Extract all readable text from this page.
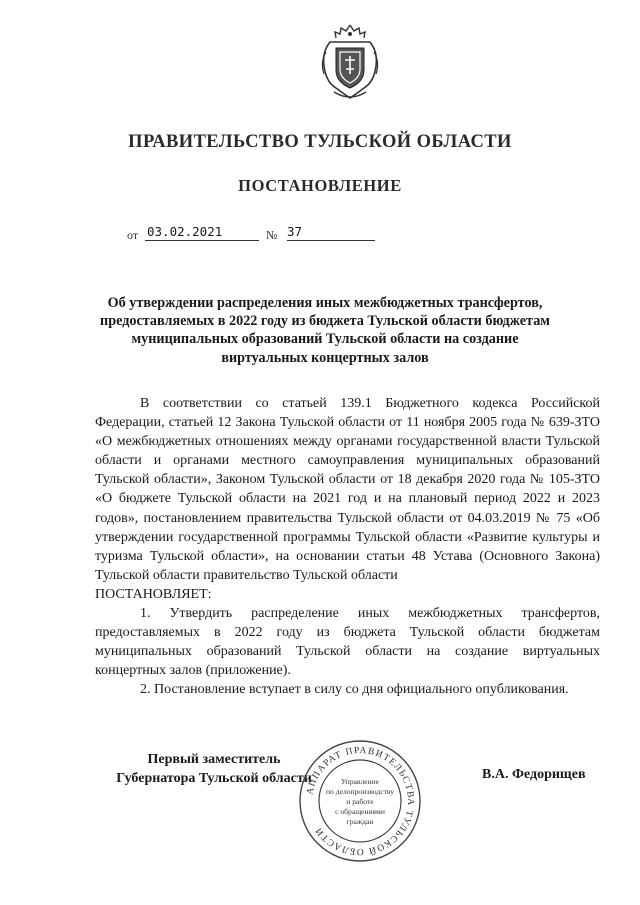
ПРАВИТЕЛЬСТВО ТУЛЬСКОЙ ОБЛАСТИ
ПОСТАНОВЛЕНИЕ
от 03.02.2021	№ 37
Об утверждении распределения иных межбюджетных трансфертов,
предоставляемых в 2022 году из бюджета Тульской области бюджетам
муниципальных образований Тульской области на создание
виртуальных концертных залов

В соответствии со статьей 139.1 Бюджетного кодекса Российской Федерации, статьей 12 Закона Тульской области от 11 ноября 2005 года № 639-ЗТО «О межбюджетных отношениях между органами государственной власти Тульской области и органами местного самоуправления муниципальных образований Тульской области», Законом Тульской области от 18 декабря 2020 года № 105-ЗТО «О бюджете Тульской области на 2021 год и на плановый период 2022 и 2023 годов», постановлением правительства Тульской области от 04.03.2019 № 75 «Об утверждении государственной программы Тульской области «Развитие культуры и туризма Тульской области», на основании статьи 48 Устава (Основного Закона) Тульской области правительство Тульской области

ПОСТАНОВЛЯЕТ:

1. Утвердить распределение иных межбюджетных трансфертов, предоставляемых в 2022 году из бюджета Тульской области бюджетам муниципальных образований Тульской области на создание виртуальных концертных залов (приложение).

2. Постановление вступает в силу со дня официального опубликования.

Первый заместитель
Губернатора Тульской области
АППАРАТ ПРАВИТЕЛЬСТВА ТУЛЬСКОЙ ОБЛАСТИ
Управление
по делопроизводству
и работе
с обращениями
граждан
В.А. Федорищев
